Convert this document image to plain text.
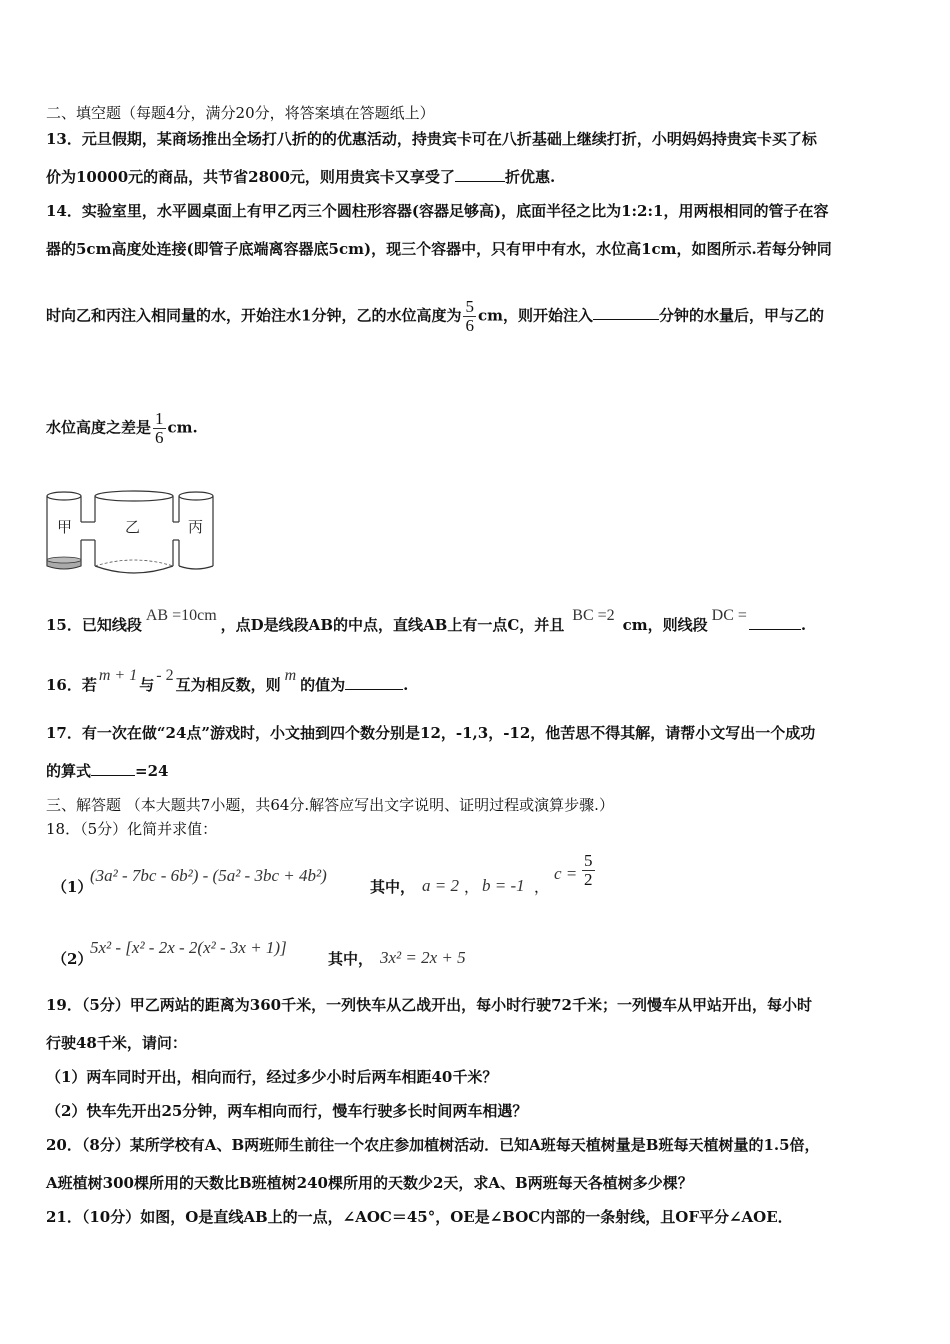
二、填空题（每题4分，满分20分，将答案填在答题纸上）
13．元旦假期，某商场推出全场打八折的的优惠活动，持贵宾卡可在八折基础上继续打折，小明妈妈持贵宾卡买了标
价为10000元的商品，共节省2800元，则用贵宾卡又享受了	折优惠.
14．实验室里，水平圆桌面上有甲乙丙三个圆柱形容器(容器足够高)，底面半径之比为1:2:1，用两根相同的管子在容
器的5cm高度处连接(即管子底端离容器底5cm)，现三个容器中，只有甲中有水，水位高1cm，如图所示.若每分钟同
时向乙和丙注入相同量的水，开始注水1分钟，乙的水位高度为 $\frac{5}{6}$ cm，则开始注入	分钟的水量后，甲与乙的
水位高度之差是 $\frac{1}{6}$ cm.
甲	乙	丙
15．已知线段AB =10cm，点D是线段AB的中点，直线AB上有一点C，并且BC =2cm，则线段DC =.
16．若m + 1与- 2互为相反数，则m的值为	.
17．有一次在做“24点”游戏时，小文抽到四个数分别是12，-1,3，-12，他苦思不得其解，请帮小文写出一个成功
的算式	=24
三、解答题 （本大题共7小题，共64分.解答应写出文字说明、证明过程或演算步骤.）
18．（5分）化简并求值：
（1）
(3a² - 7bc - 6b²) - (5a² - 3bc + 4b²)
其中， a = 2 ， b = -1 ，
$c = \frac{5}{2}$
（2）
5x² - [x² - 2x - 2(x² - 3x + 1)]
其中， 3x² = 2x + 5
19．（5分）甲乙两站的距离为360千米，一列快车从乙战开出，每小时行驶72千米；一列慢车从甲站开出，每小时
行驶48千米，请问：
（1）两车同时开出，相向而行，经过多少小时后两车相距40千米？
（2）快车先开出25分钟，两车相向而行，慢车行驶多长时间两车相遇？
20．（8分）某所学校有A、B两班师生前往一个农庄参加植树活动．已知A班每天植树量是B班每天植树量的1.5倍，
A班植树300棵所用的天数比B班植树240棵所用的天数少2天，求A、B两班每天各植树多少棵？
21．（10分）如图，O是直线AB上的一点，∠AOC＝45°，OE是∠BOC内部的一条射线，且OF平分∠AOE．
